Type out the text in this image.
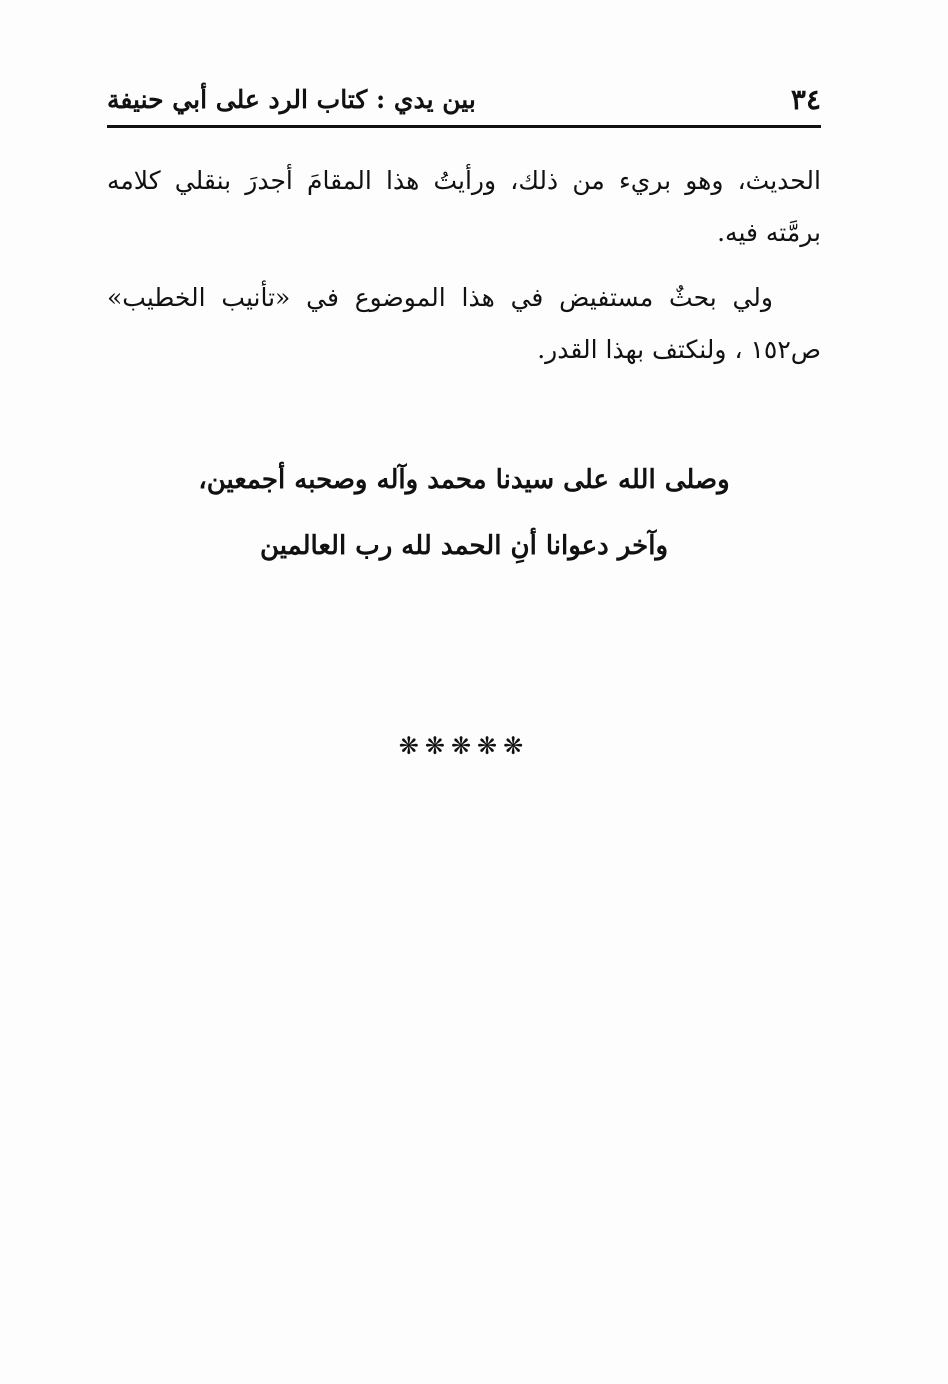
٣٤
بين يدي : كتاب الرد على أبي حنيفة

الحديث، وهو بريء من ذلك، ورأيتُ هذا المقامَ أجدرَ بنقلي كلامه برمَّته فيه.

ولي بحثٌ مستفيض في هذا الموضوع في «تأنيب الخطيب» ص١٥٢ ، ولنكتف بهذا القدر.

وصلى الله على سيدنا محمد وآله وصحبه أجمعين،
وآخر دعوانا أنِ الحمد لله رب العالمين
❋❋❋❋❋
